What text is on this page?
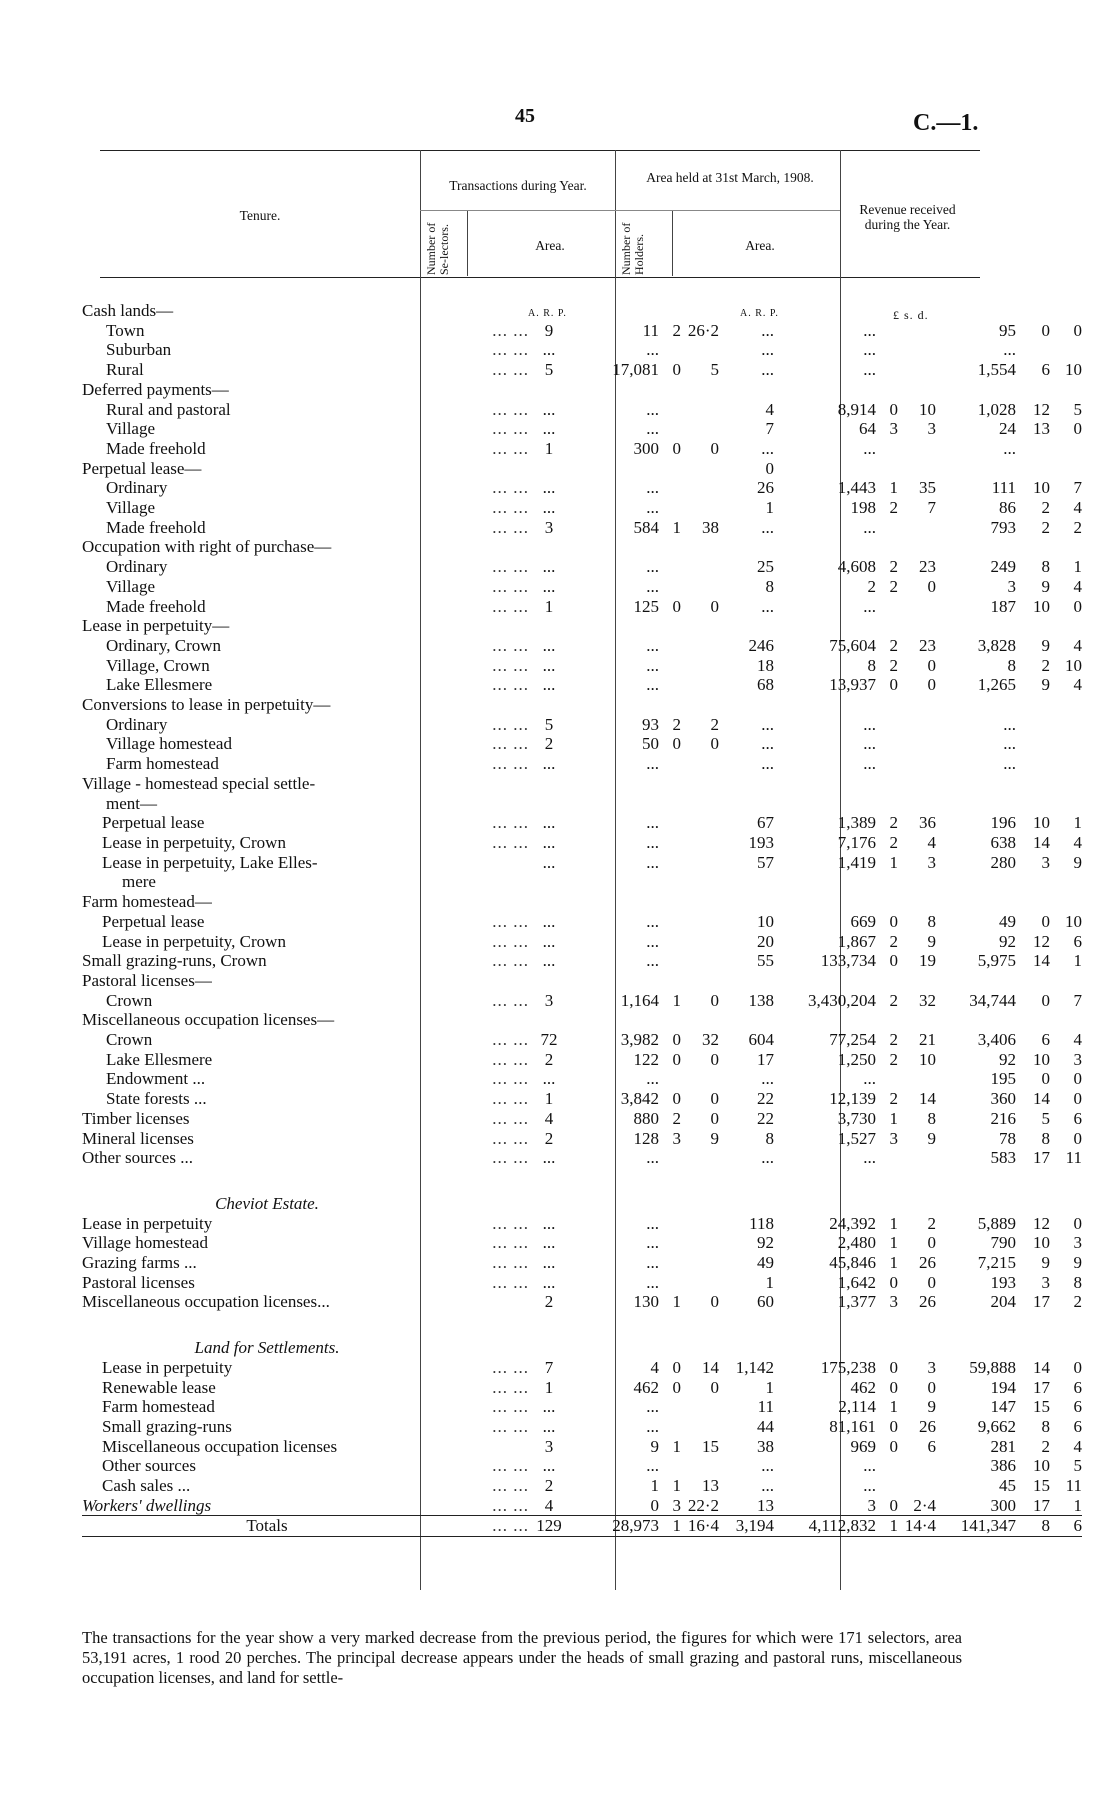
45	C.—1.
Tenure.
Transactions during Year.
Number of Se-lectors.	Area.
Area held at 31st March, 1908.
Number of Holders.	Area.
Revenue received during the Year.
A. R. P.	A. R. P.	£ s. d.
Cash lands—												
Town	... ...	9	11	2	26·2	...	...			95	0	0
Suburban	... ...	...	...			...	...			...		
Rural	... ...	5	17,081	0	5	...	...			1,554	6	10
Deferred payments—												
Rural and pastoral	... ...	...	...			4	8,914	0	10	1,028	12	5
Village	... ...	...	...			7	64	3	3	24	13	0
Made freehold	... ...	1	300	0	0	...	...			...		
Perpetual lease—						0						
Ordinary	... ...	...	...			26	1,443	1	35	111	10	7
Village	... ...	...	...			1	198	2	7	86	2	4
Made freehold	... ...	3	584	1	38	...	...			793	2	2
Occupation with right of purchase—												
Ordinary	... ...	...	...			25	4,608	2	23	249	8	1
Village	... ...	...	...			8	2	2	0	3	9	4
Made freehold	... ...	1	125	0	0	...	...			187	10	0
Lease in perpetuity—												
Ordinary, Crown	... ...	...	...			246	75,604	2	23	3,828	9	4
Village, Crown	... ...	...	...			18	8	2	0	8	2	10
Lake Ellesmere	... ...	...	...			68	13,937	0	0	1,265	9	4
Conversions to lease in perpetuity—												
Ordinary	... ...	5	93	2	2	...	...			...		
Village homestead	... ...	2	50	0	0	...	...			...		
Farm homestead	... ...	...	...			...	...			...		
Village - homestead special settle-												
ment—												
Perpetual lease	... ...	...	...			67	1,389	2	36	196	10	1
Lease in perpetuity, Crown	... ...	...	...			193	7,176	2	4	638	14	4
Lease in perpetuity, Lake Elles-		...	...			57	1,419	1	3	280	3	9
mere												
Farm homestead—												
Perpetual lease	... ...	...	...			10	669	0	8	49	0	10
Lease in perpetuity, Crown	... ...	...	...			20	1,867	2	9	92	12	6
Small grazing-runs, Crown	... ...	...	...			55	133,734	0	19	5,975	14	1
Pastoral licenses—												
Crown	... ...	3	1,164	1	0	138	3,430,204	2	32	34,744	0	7
Miscellaneous occupation licenses—												
Crown	... ...	72	3,982	0	32	604	77,254	2	21	3,406	6	4
Lake Ellesmere	... ...	2	122	0	0	17	1,250	2	10	92	10	3
Endowment ...	... ...	...	...			...	...			195	0	0
State forests ...	... ...	1	3,842	0	0	22	12,139	2	14	360	14	0
Timber licenses	... ...	4	880	2	0	22	3,730	1	8	216	5	6
Mineral licenses	... ...	2	128	3	9	8	1,527	3	9	78	8	0
Other sources ...	... ...	...	...			...	...			583	17	11

Cheviot Estate.												
Lease in perpetuity	... ...	...	...			118	24,392	1	2	5,889	12	0
Village homestead	... ...	...	...			92	2,480	1	0	790	10	3
Grazing farms ...	... ...	...	...			49	45,846	1	26	7,215	9	9
Pastoral licenses	... ...	...	...			1	1,642	0	0	193	3	8
Miscellaneous occupation licenses...		2	130	1	0	60	1,377	3	26	204	17	2

Land for Settlements.												
Lease in perpetuity	... ...	7	4	0	14	1,142	175,238	0	3	59,888	14	0
Renewable lease	... ...	1	462	0	0	1	462	0	0	194	17	6
Farm homestead	... ...	...	...			11	2,114	1	9	147	15	6
Small grazing-runs	... ...	...	...			44	81,161	0	26	9,662	8	6
Miscellaneous occupation licenses		3	9	1	15	38	969	0	6	281	2	4
Other sources	... ...	...	...			...	...			386	10	5
Cash sales ...	... ...	2	1	1	13	...	...			45	15	11
Workers' dwellings	... ...	4	0	3	22·2	13	3	0	2·4	300	17	1
Totals	... ...	129	28,973	1	16·4	3,194	4,112,832	1	14·4	141,347	8	6
The transactions for the year show a very marked decrease from the previous period, the figures for which were 171 selectors, area 53,191 acres, 1 rood 20 perches. The principal decrease appears under the heads of small grazing and pastoral runs, miscellaneous occupation licenses, and land for settle-
